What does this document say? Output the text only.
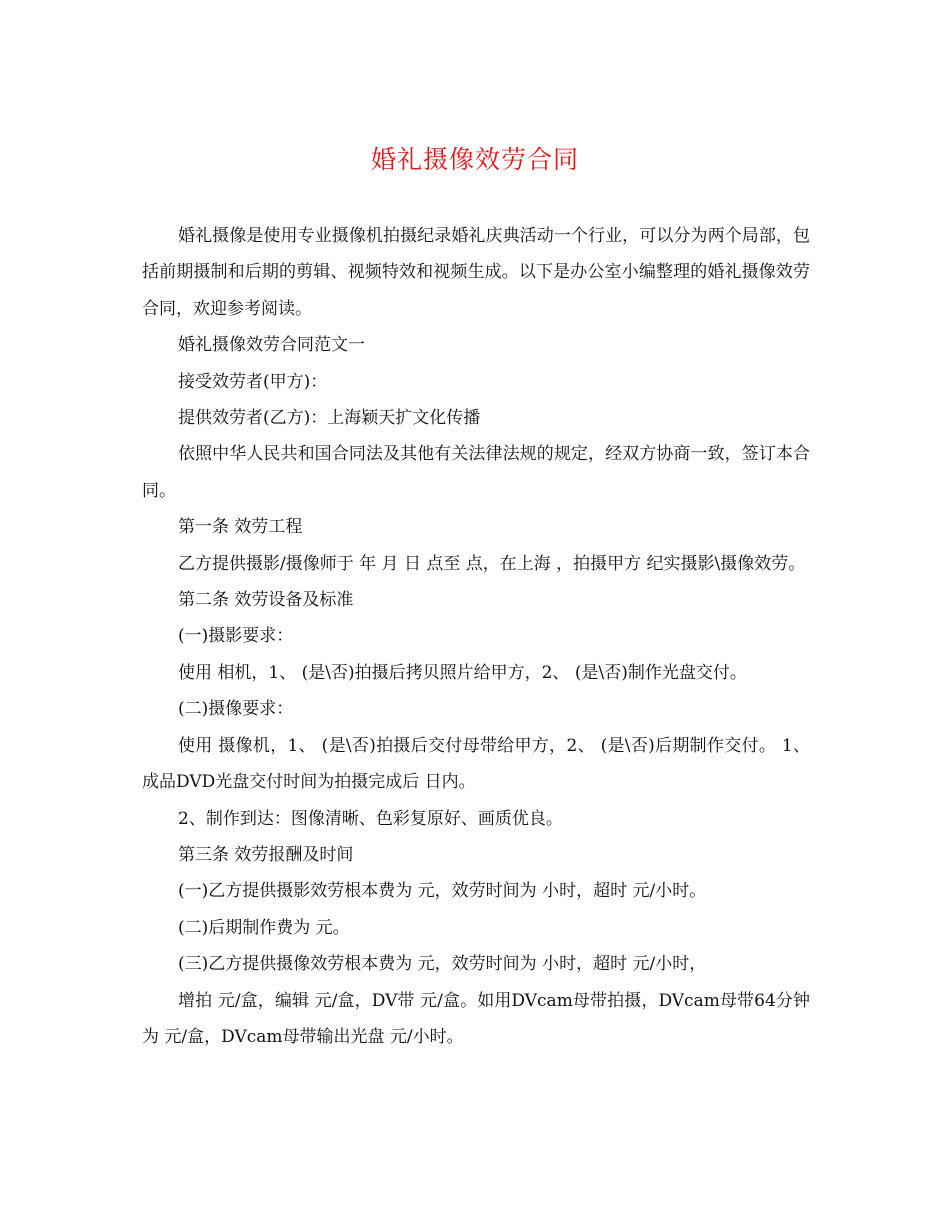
婚礼摄像效劳合同

婚礼摄像是使用专业摄像机拍摄纪录婚礼庆典活动一个行业，可以分为两个局部，包括前期摄制和后期的剪辑、视频特效和视频生成。以下是办公室小编整理的婚礼摄像效劳合同，欢迎参考阅读。

婚礼摄像效劳合同范文一

接受效劳者(甲方)：

提供效劳者(乙方)：上海颖天扩文化传播

依照中华人民共和国合同法及其他有关法律法规的规定，经双方协商一致，签订本合同。

第一条 效劳工程

乙方提供摄影/摄像师于 年 月 日 点至 点，在上海 ，拍摄甲方 纪实摄影\摄像效劳。

第二条 效劳设备及标准

(一)摄影要求：

使用 相机，1、 (是\否)拍摄后拷贝照片给甲方，2、 (是\否)制作光盘交付。

(二)摄像要求：

使用 摄像机，1、 (是\否)拍摄后交付母带给甲方，2、 (是\否)后期制作交付。 1、成品DVD光盘交付时间为拍摄完成后 日内。

2、制作到达：图像清晰、色彩复原好、画质优良。

第三条 效劳报酬及时间

(一)乙方提供摄影效劳根本费为 元，效劳时间为 小时，超时 元/小时。

(二)后期制作费为 元。

(三)乙方提供摄像效劳根本费为 元，效劳时间为 小时，超时 元/小时，

增拍 元/盒，编辑 元/盒，DV带 元/盒。如用DVcam母带拍摄，DVcam母带64分钟 为 元/盒，DVcam母带输出光盘 元/小时。
